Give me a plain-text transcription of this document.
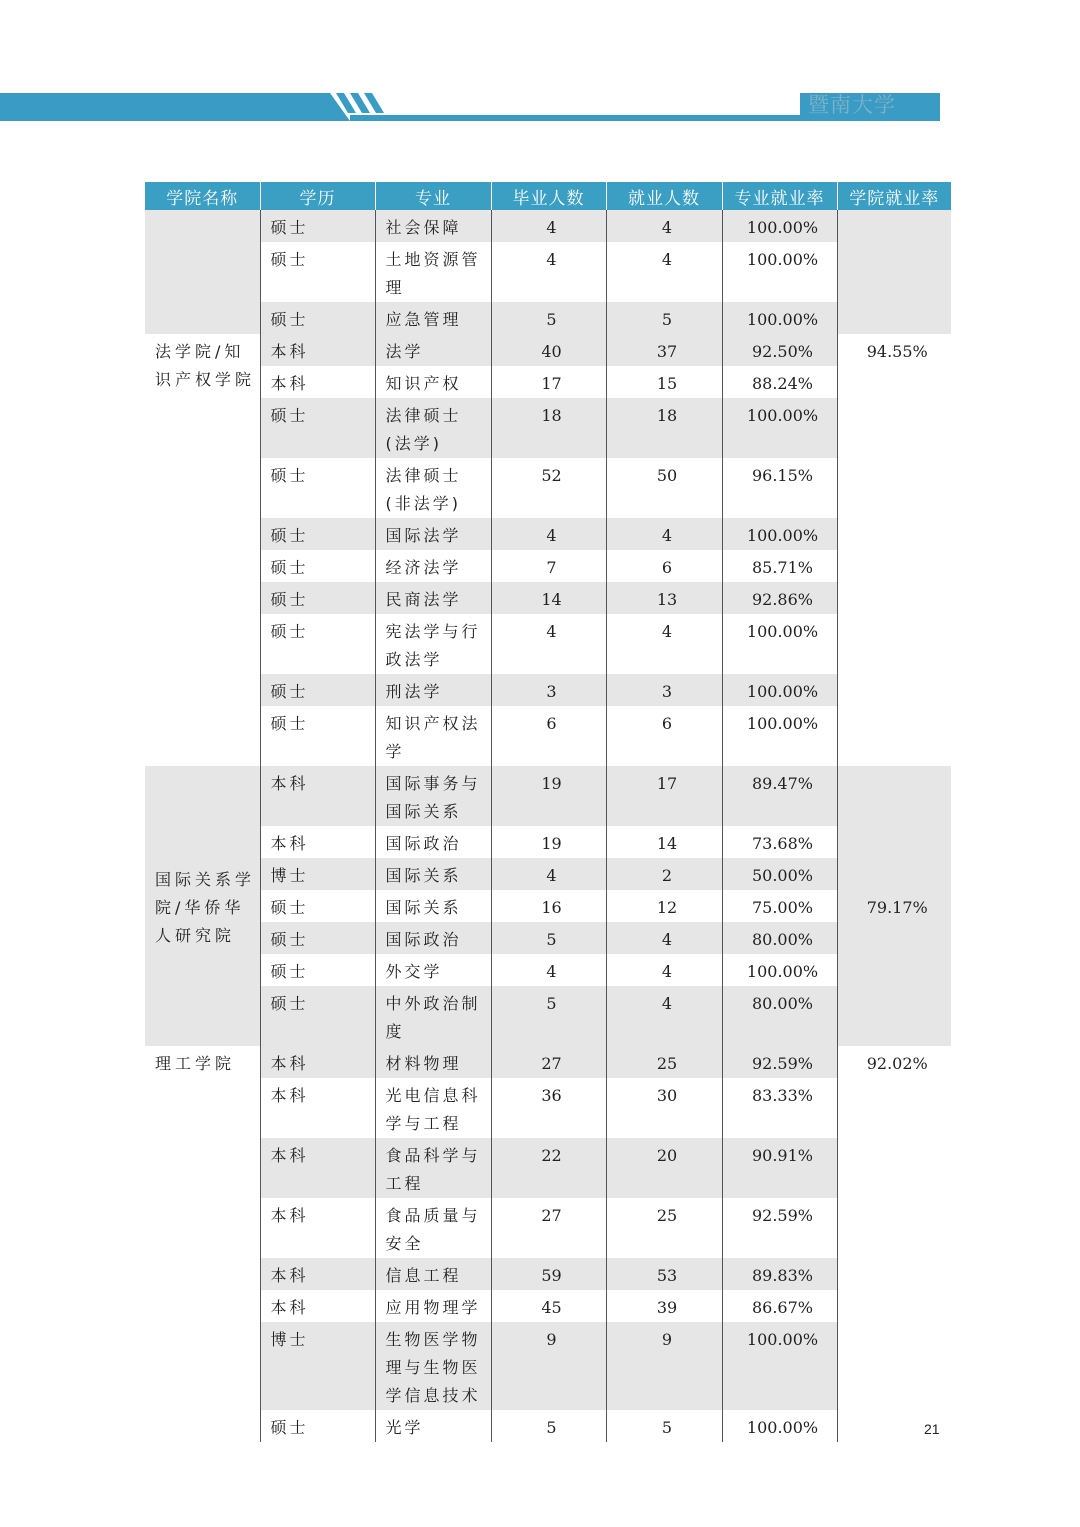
暨南大学
学院名称	学历	专业	毕业人数	就业人数	专业就业率	学院就业率
	硕士	社会保障	4	4	100.00%	
	硕士	土地资源管理	4	4	100.00%	
	硕士	应急管理	5	5	100.00%	
法学院/知识产权学院	本科	法学	40	37	92.50%	94.55%
	本科	知识产权	17	15	88.24%	
	硕士	法律硕士(法学)	18	18	100.00%	
	硕士	法律硕士(非法学)	52	50	96.15%	
	硕士	国际法学	4	4	100.00%	
	硕士	经济法学	7	6	85.71%	
	硕士	民商法学	14	13	92.86%	
	硕士	宪法学与行政法学	4	4	100.00%	
	硕士	刑法学	3	3	100.00%	
	硕士	知识产权法学	6	6	100.00%	
国际关系学院/华侨华人研究院	本科	国际事务与国际关系	19	17	89.47%	79.17%
	本科	国际政治	19	14	73.68%	
	博士	国际关系	4	2	50.00%	
	硕士	国际关系	16	12	75.00%	
	硕士	国际政治	5	4	80.00%	
	硕士	外交学	4	4	100.00%	
	硕士	中外政治制度	5	4	80.00%	
理工学院	本科	材料物理	27	25	92.59%	92.02%
	本科	光电信息科学与工程	36	30	83.33%	
	本科	食品科学与工程	22	20	90.91%	
	本科	食品质量与安全	27	25	92.59%	
	本科	信息工程	59	53	89.83%	
	本科	应用物理学	45	39	86.67%	
	博士	生物医学物理与生物医学信息技术	9	9	100.00%	
	硕士	光学	5	5	100.00%		21
